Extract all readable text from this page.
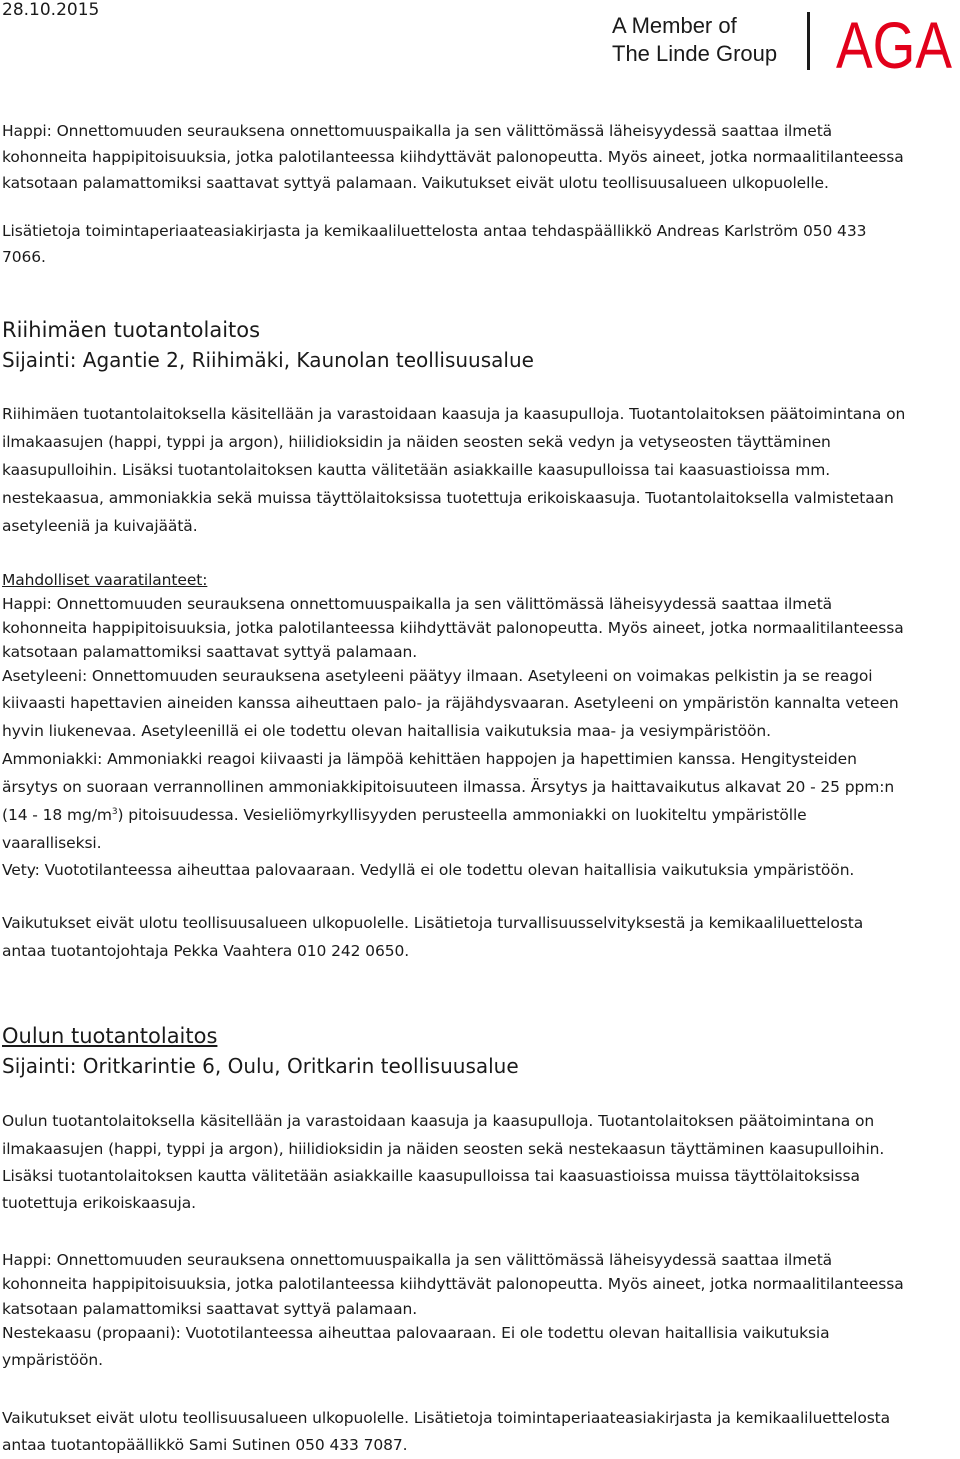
28.10.2015
A Member of
The Linde Group AGA
Happi: Onnettomuuden seurauksena onnettomuuspaikalla ja sen välittömässä läheisyydessä saattaa ilmetä
kohonneita happipitoisuuksia, jotka palotilanteessa kiihdyttävät palonopeutta. Myös aineet, jotka normaalitilanteessa
katsotaan palamattomiksi saattavat syttyä palamaan. Vaikutukset eivät ulotu teollisuusalueen ulkopuolelle.
Lisätietoja toimintaperiaateasiakirjasta ja kemikaaliluettelosta antaa tehdaspäällikkö Andreas Karlström 050 433
7066.
Riihimäen tuotantolaitos
Sijainti: Agantie 2, Riihimäki, Kaunolan teollisuusalue
Riihimäen tuotantolaitoksella käsitellään ja varastoidaan kaasuja ja kaasupulloja. Tuotantolaitoksen päätoimintana on
ilmakaasujen (happi, typpi ja argon), hiilidioksidin ja näiden seosten sekä vedyn ja vetyseosten täyttäminen
kaasupulloihin. Lisäksi tuotantolaitoksen kautta välitetään asiakkaille kaasupulloissa tai kaasuastioissa mm.
nestekaasua, ammoniakkia sekä muissa täyttölaitoksissa tuotettuja erikoiskaasuja. Tuotantolaitoksella valmistetaan
asetyleeniä ja kuivajäätä.
Mahdolliset vaaratilanteet:
Happi: Onnettomuuden seurauksena onnettomuuspaikalla ja sen välittömässä läheisyydessä saattaa ilmetä
kohonneita happipitoisuuksia, jotka palotilanteessa kiihdyttävät palonopeutta. Myös aineet, jotka normaalitilanteessa
katsotaan palamattomiksi saattavat syttyä palamaan.
Asetyleeni: Onnettomuuden seurauksena asetyleeni päätyy ilmaan. Asetyleeni on voimakas pelkistin ja se reagoi
kiivaasti hapettavien aineiden kanssa aiheuttaen palo- ja räjähdysvaaran. Asetyleeni on ympäristön kannalta veteen
hyvin liukenevaa. Asetyleenillä ei ole todettu olevan haitallisia vaikutuksia maa- ja vesiympäristöön.
Ammoniakki: Ammoniakki reagoi kiivaasti ja lämpöä kehittäen happojen ja hapettimien kanssa. Hengitysteiden
ärsytys on suoraan verrannollinen ammoniakkipitoisuuteen ilmassa. Ärsytys ja haittavaikutus alkavat 20 - 25 ppm:n
(14 - 18 $mg/m^3$) pitoisuudessa. Vesieliömyrkyllisyyden perusteella ammoniakki on luokiteltu ympäristölle
vaaralliseksi.
Vety: Vuototilanteessa aiheuttaa palovaaraan. Vedyllä ei ole todettu olevan haitallisia vaikutuksia ympäristöön.
Vaikutukset eivät ulotu teollisuusalueen ulkopuolelle. Lisätietoja turvallisuusselvityksestä ja kemikaaliluettelosta
antaa tuotantojohtaja Pekka Vaahtera 010 242 0650.
Oulun tuotantolaitos
Sijainti: Oritkarintie 6, Oulu, Oritkarin teollisuusalue
Oulun tuotantolaitoksella käsitellään ja varastoidaan kaasuja ja kaasupulloja. Tuotantolaitoksen päätoimintana on
ilmakaasujen (happi, typpi ja argon), hiilidioksidin ja näiden seosten sekä nestekaasun täyttäminen kaasupulloihin.
Lisäksi tuotantolaitoksen kautta välitetään asiakkaille kaasupulloissa tai kaasuastioissa muissa täyttölaitoksissa
tuotettuja erikoiskaasuja.
Happi: Onnettomuuden seurauksena onnettomuuspaikalla ja sen välittömässä läheisyydessä saattaa ilmetä
kohonneita happipitoisuuksia, jotka palotilanteessa kiihdyttävät palonopeutta. Myös aineet, jotka normaalitilanteessa
katsotaan palamattomiksi saattavat syttyä palamaan.
Nestekaasu (propaani): Vuototilanteessa aiheuttaa palovaaraan. Ei ole todettu olevan haitallisia vaikutuksia
ympäristöön.
Vaikutukset eivät ulotu teollisuusalueen ulkopuolelle. Lisätietoja toimintaperiaateasiakirjasta ja kemikaaliluettelosta
antaa tuotantopäällikkö Sami Sutinen 050 433 7087.
